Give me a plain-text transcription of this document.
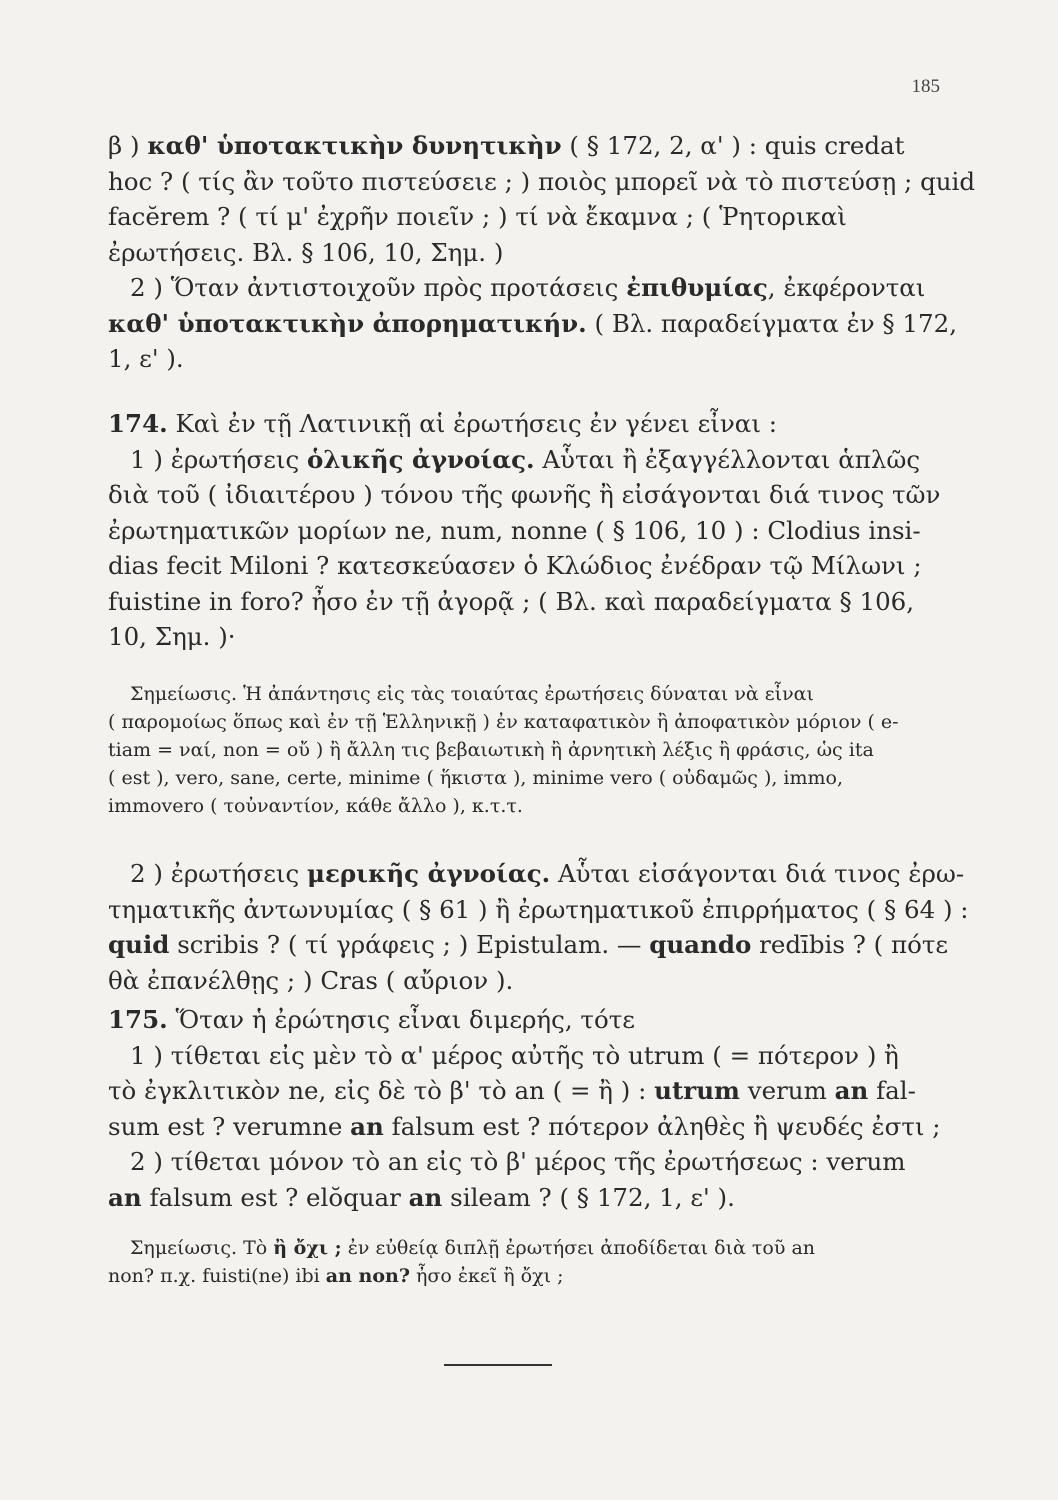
185
β ) καθ' ὑποτακτικὴν δυνητικὴν ( § 172, 2, α' ) : quis credat
hoc ? ( τίς ἂν τοῦτο πιστεύσειε ; ) ποιὸς μπορεῖ νὰ τὸ πιστεύσῃ ; quid
facĕrem ? ( τί μ' ἐχρῆν ποιεῖν ; ) τί νὰ ἔκαμνα ; ( Ῥητορικαὶ
ἐρωτήσεις. Βλ. § 106, 10, Σημ. )
2 ) Ὅταν ἀντιστοιχοῦν πρὸς προτάσεις ἐπιθυμίας, ἐκφέρονται
καθ' ὑποτακτικὴν ἀπορηματικήν. ( Βλ. παραδείγματα ἐν § 172,
1, ε' ).
174. Καὶ ἐν τῇ Λατινικῇ αἱ ἐρωτήσεις ἐν γένει εἶναι :
1 ) ἐρωτήσεις ὁλικῆς ἀγνοίας. Αὗται ἢ ἐξαγγέλλονται ἁπλῶς
διὰ τοῦ ( ἰδιαιτέρου ) τόνου τῆς φωνῆς ἢ εἰσάγονται διά τινος τῶν
ἐρωτηματικῶν μορίων ne, num, nonne ( § 106, 10 ) : Clodius insi-
dias fecit Miloni ? κατεσκεύασεν ὁ Κλώδιος ἐνέδραν τῷ Μίλωνι ;
fuistine in foro? ἦσο ἐν τῇ ἀγορᾷ ; ( Βλ. καὶ παραδείγματα § 106,
10, Σημ. )·
Σημείωσις. Ἡ ἀπάντησις εἰς τὰς τοιαύτας ἐρωτήσεις δύναται νὰ εἶναι
( παρομοίως ὅπως καὶ ἐν τῇ Ἑλληνικῇ ) ἐν καταφατικὸν ἢ ἀποφατικὸν μόριον ( e-
tiam = ναί, non = οὔ ) ἢ ἄλλη τις βεβαιωτικὴ ἢ ἀρνητικὴ λέξις ἢ φράσις, ὡς ita
( est ), vero, sane, certe, minime ( ἥκιστα ), minime vero ( οὐδαμῶς ), immo,
immovero ( τοὐναντίον, κάθε ἄλλο ), κ.τ.τ.
2 ) ἐρωτήσεις μερικῆς ἀγνοίας. Αὗται εἰσάγονται διά τινος ἐρω-
τηματικῆς ἀντωνυμίας ( § 61 ) ἢ ἐρωτηματικοῦ ἐπιρρήματος ( § 64 ) :
quid scribis ? ( τί γράφεις ; ) Epistulam. — quando redībis ? ( πότε
θὰ ἐπανέλθῃς ; ) Cras ( αὔριον ).
175. Ὅταν ἡ ἐρώτησις εἶναι διμερής, τότε
1 ) τίθεται εἰς μὲν τὸ α' μέρος αὐτῆς τὸ utrum ( = πότερον ) ἢ
τὸ ἐγκλιτικὸν ne, εἰς δὲ τὸ β' τὸ an ( = ἢ ) : utrum verum an fal-
sum est ? verumne an falsum est ? πότερον ἀληθὲς ἢ ψευδές ἐστι ;
2 ) τίθεται μόνον τὸ an εἰς τὸ β' μέρος τῆς ἐρωτήσεως : verum
an falsum est ? elŏquar an sileam ? ( § 172, 1, ε' ).
Σημείωσις. Τὸ ἢ ὄχι ; ἐν εὐθείᾳ διπλῇ ἐρωτήσει ἀποδίδεται διὰ τοῦ an
non? π.χ. fuisti(ne) ibi an non? ἦσο ἐκεῖ ἢ ὄχι ;
